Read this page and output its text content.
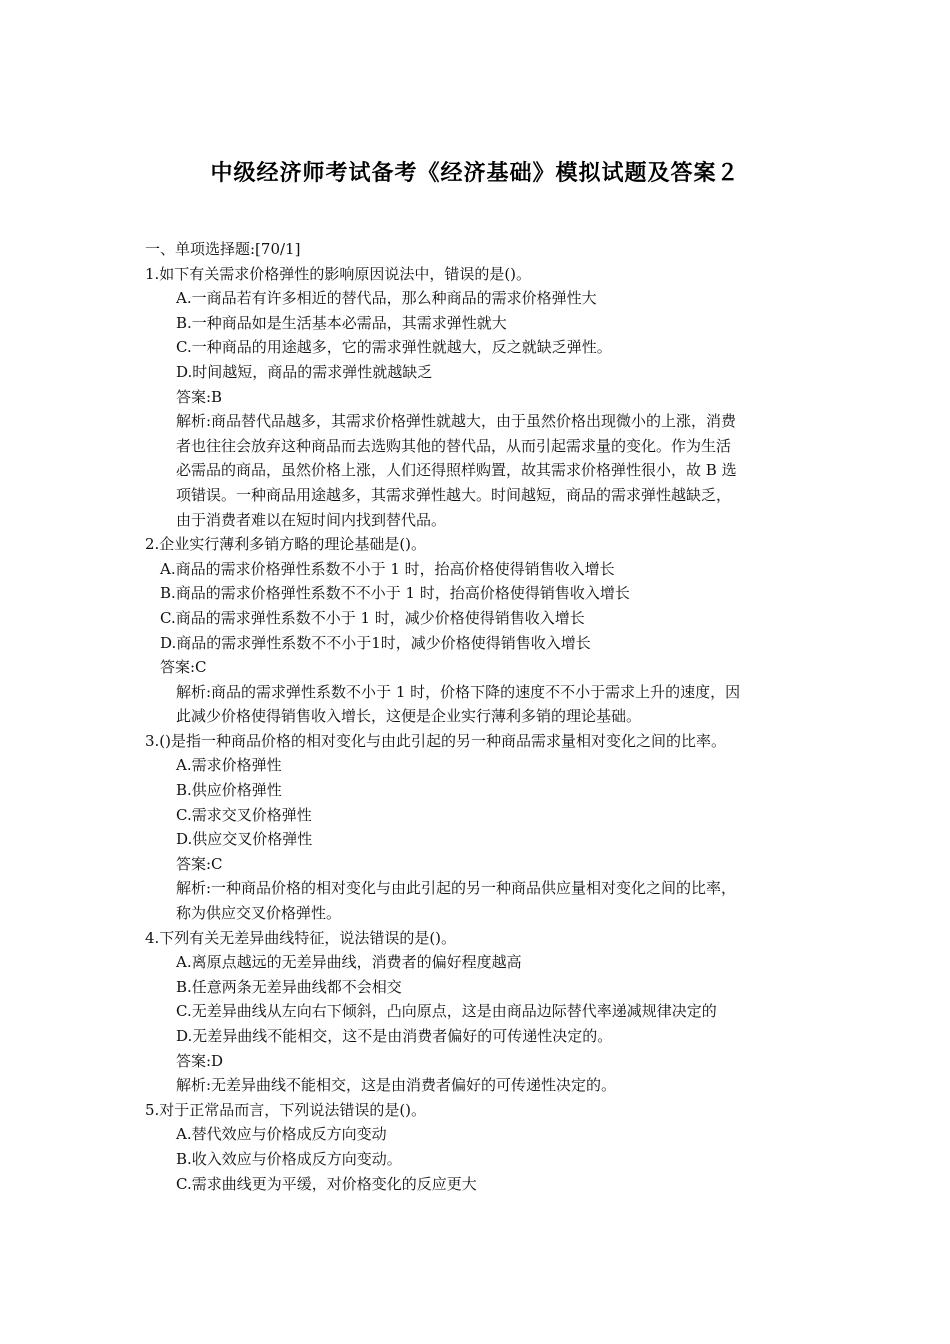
中级经济师考试备考《经济基础》模拟试题及答案２
一、单项选择题:[70/1]
1.如下有关需求价格弹性的影响原因说法中，错误的是()。
A.一商品若有许多相近的替代品，那么种商品的需求价格弹性大
B.一种商品如是生活基本必需品，其需求弹性就大
C.一种商品的用途越多，它的需求弹性就越大，反之就缺乏弹性。
D.时间越短，商品的需求弹性就越缺乏
答案:B
解析:商品替代品越多，其需求价格弹性就越大，由于虽然价格出现微小的上涨，消费
者也往往会放弃这种商品而去选购其他的替代品，从而引起需求量的变化。作为生活
必需品的商品，虽然价格上涨，人们还得照样购置，故其需求价格弹性很小，故 B 选
项错误。一种商品用途越多，其需求弹性越大。时间越短，商品的需求弹性越缺乏，
由于消费者难以在短时间内找到替代品。
2.企业实行薄利多销方略的理论基础是()。
A.商品的需求价格弹性系数不小于 1 时，抬高价格使得销售收入增长
B.商品的需求价格弹性系数不不小于 1 时，抬高价格使得销售收入增长
C.商品的需求弹性系数不小于 1 时，减少价格使得销售收入增长
D.商品的需求弹性系数不不小于1时，减少价格使得销售收入增长
答案:C
解析:商品的需求弹性系数不小于 1 时，价格下降的速度不不小于需求上升的速度，因
此减少价格使得销售收入增长，这便是企业实行薄利多销的理论基础。
3.()是指一种商品价格的相对变化与由此引起的另一种商品需求量相对变化之间的比率。
A.需求价格弹性
B.供应价格弹性
C.需求交叉价格弹性
D.供应交叉价格弹性
答案:C
解析:一种商品价格的相对变化与由此引起的另一种商品供应量相对变化之间的比率，
称为供应交叉价格弹性。
4.下列有关无差异曲线特征，说法错误的是()。
A.离原点越远的无差异曲线，消费者的偏好程度越高
B.任意两条无差异曲线都不会相交
C.无差异曲线从左向右下倾斜，凸向原点，这是由商品边际替代率递减规律决定的
D.无差异曲线不能相交，这不是由消费者偏好的可传递性决定的。
答案:D
解析:无差异曲线不能相交，这是由消费者偏好的可传递性决定的。
5.对于正常品而言，下列说法错误的是()。
A.替代效应与价格成反方向变动
B.收入效应与价格成反方向变动。
C.需求曲线更为平缓，对价格变化的反应更大
